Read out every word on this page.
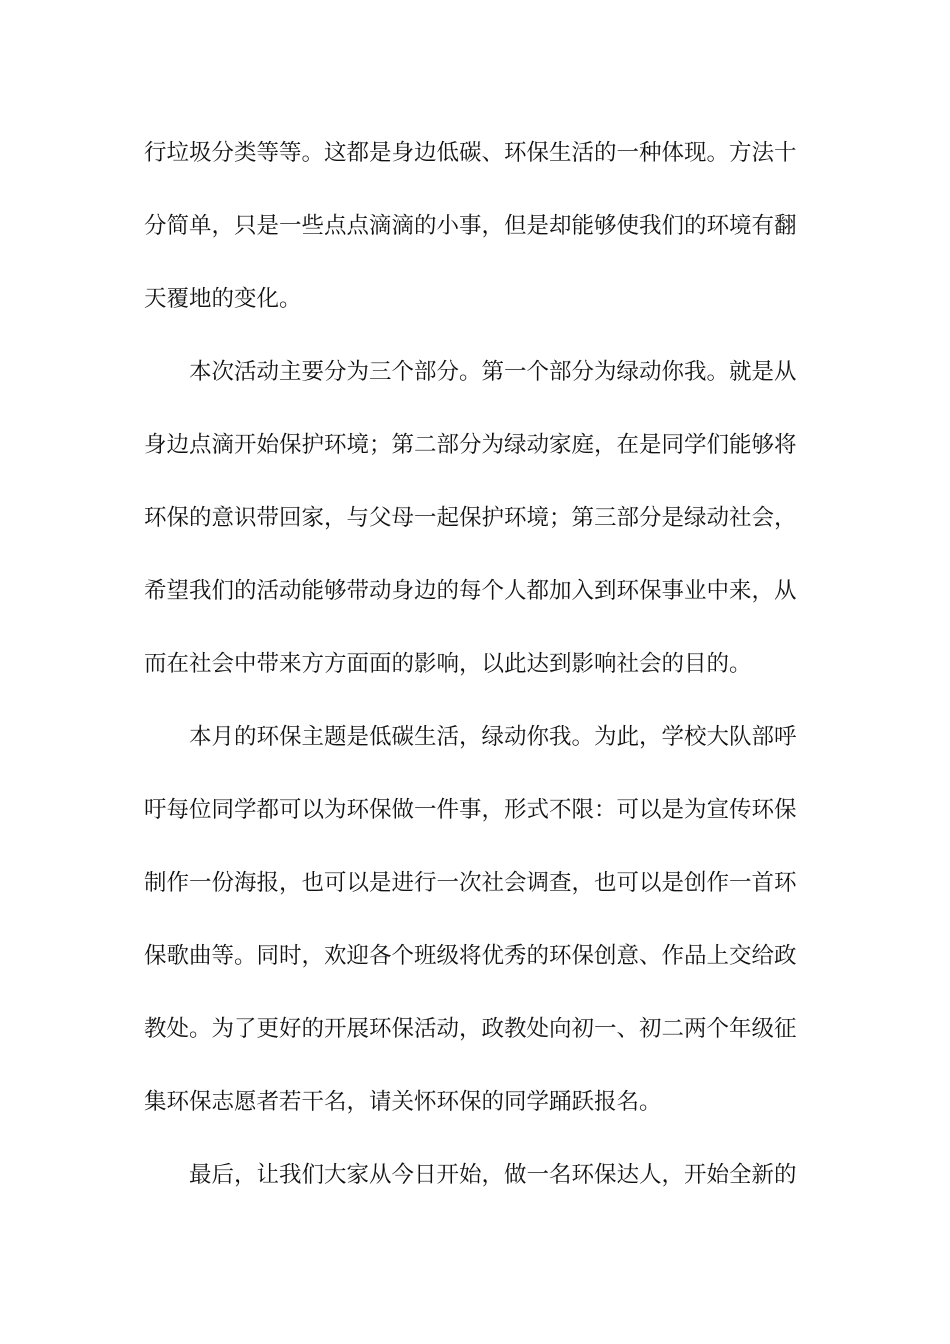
行垃圾分类等等。这都是身边低碳、环保生活的一种体现。方法十
分简单，只是一些点点滴滴的小事，但是却能够使我们的环境有翻
天覆地的变化。
本次活动主要分为三个部分。第一个部分为绿动你我。就是从
身边点滴开始保护环境；第二部分为绿动家庭，在是同学们能够将
环保的意识带回家，与父母一起保护环境；第三部分是绿动社会，
希望我们的活动能够带动身边的每个人都加入到环保事业中来，从
而在社会中带来方方面面的影响，以此达到影响社会的目的。
本月的环保主题是低碳生活，绿动你我。为此，学校大队部呼
吁每位同学都可以为环保做一件事，形式不限：可以是为宣传环保
制作一份海报，也可以是进行一次社会调查，也可以是创作一首环
保歌曲等。同时，欢迎各个班级将优秀的环保创意、作品上交给政
教处。为了更好的开展环保活动，政教处向初一、初二两个年级征
集环保志愿者若干名，请关怀环保的同学踊跃报名。
最后，让我们大家从今日开始，做一名环保达人，开始全新的
